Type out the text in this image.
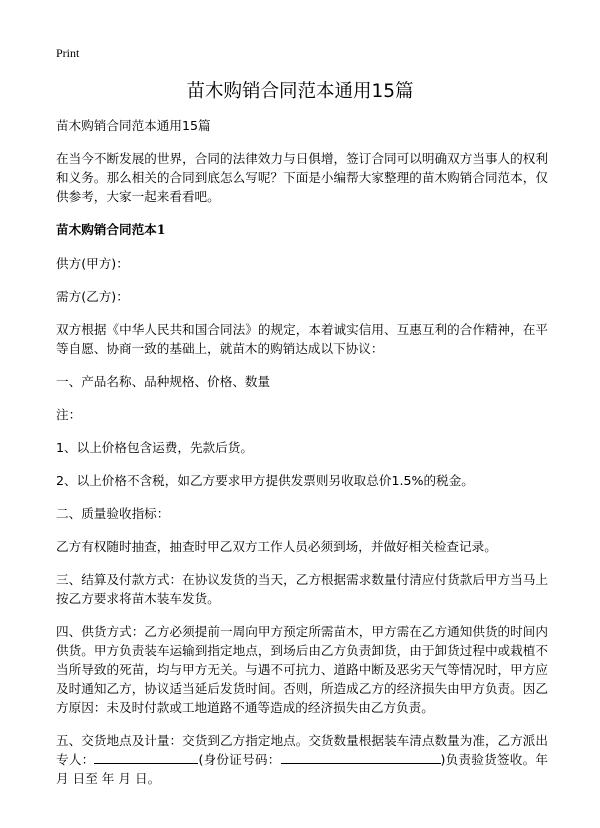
Print
苗木购销合同范本通用15篇

苗木购销合同范本通用15篇

在当今不断发展的世界，合同的法律效力与日俱增，签订合同可以明确双方当事人的权利和义务。那么相关的合同到底怎么写呢？下面是小编帮大家整理的苗木购销合同范本，仅供参考，大家一起来看看吧。

苗木购销合同范本1

供方(甲方)：

需方(乙方)：

双方根据《中华人民共和国合同法》的规定，本着诚实信用、互惠互利的合作精神，在平等自愿、协商一致的基础上，就苗木的购销达成以下协议：

一、产品名称、品种规格、价格、数量

注：

1、以上价格包含运费，先款后货。

2、以上价格不含税，如乙方要求甲方提供发票则另收取总价1.5%的税金。

二、质量验收指标：

乙方有权随时抽查，抽查时甲乙双方工作人员必须到场，并做好相关检查记录。

三、结算及付款方式：在协议发货的当天，乙方根据需求数量付清应付货款后甲方当马上按乙方要求将苗木装车发货。

四、供货方式：乙方必须提前一周向甲方预定所需苗木，甲方需在乙方通知供货的时间内供货。甲方负责装车运输到指定地点，到场后由乙方负责卸货，由于卸货过程中或栽植不当所导致的死苗，均与甲方无关。与遇不可抗力、道路中断及恶劣天气等情况时，甲方应及时通知乙方，协议适当延后发货时间。否则，所造成乙方的经济损失由甲方负责。因乙方原因：未及时付款或工地道路不通等造成的经济损失由乙方负责。

五、交货地点及计量：交货到乙方指定地点。交货数量根据装车清点数量为准，乙方派出专人：	(身份证号码：	)负责验货签收。年 月 日至 年 月 日。
